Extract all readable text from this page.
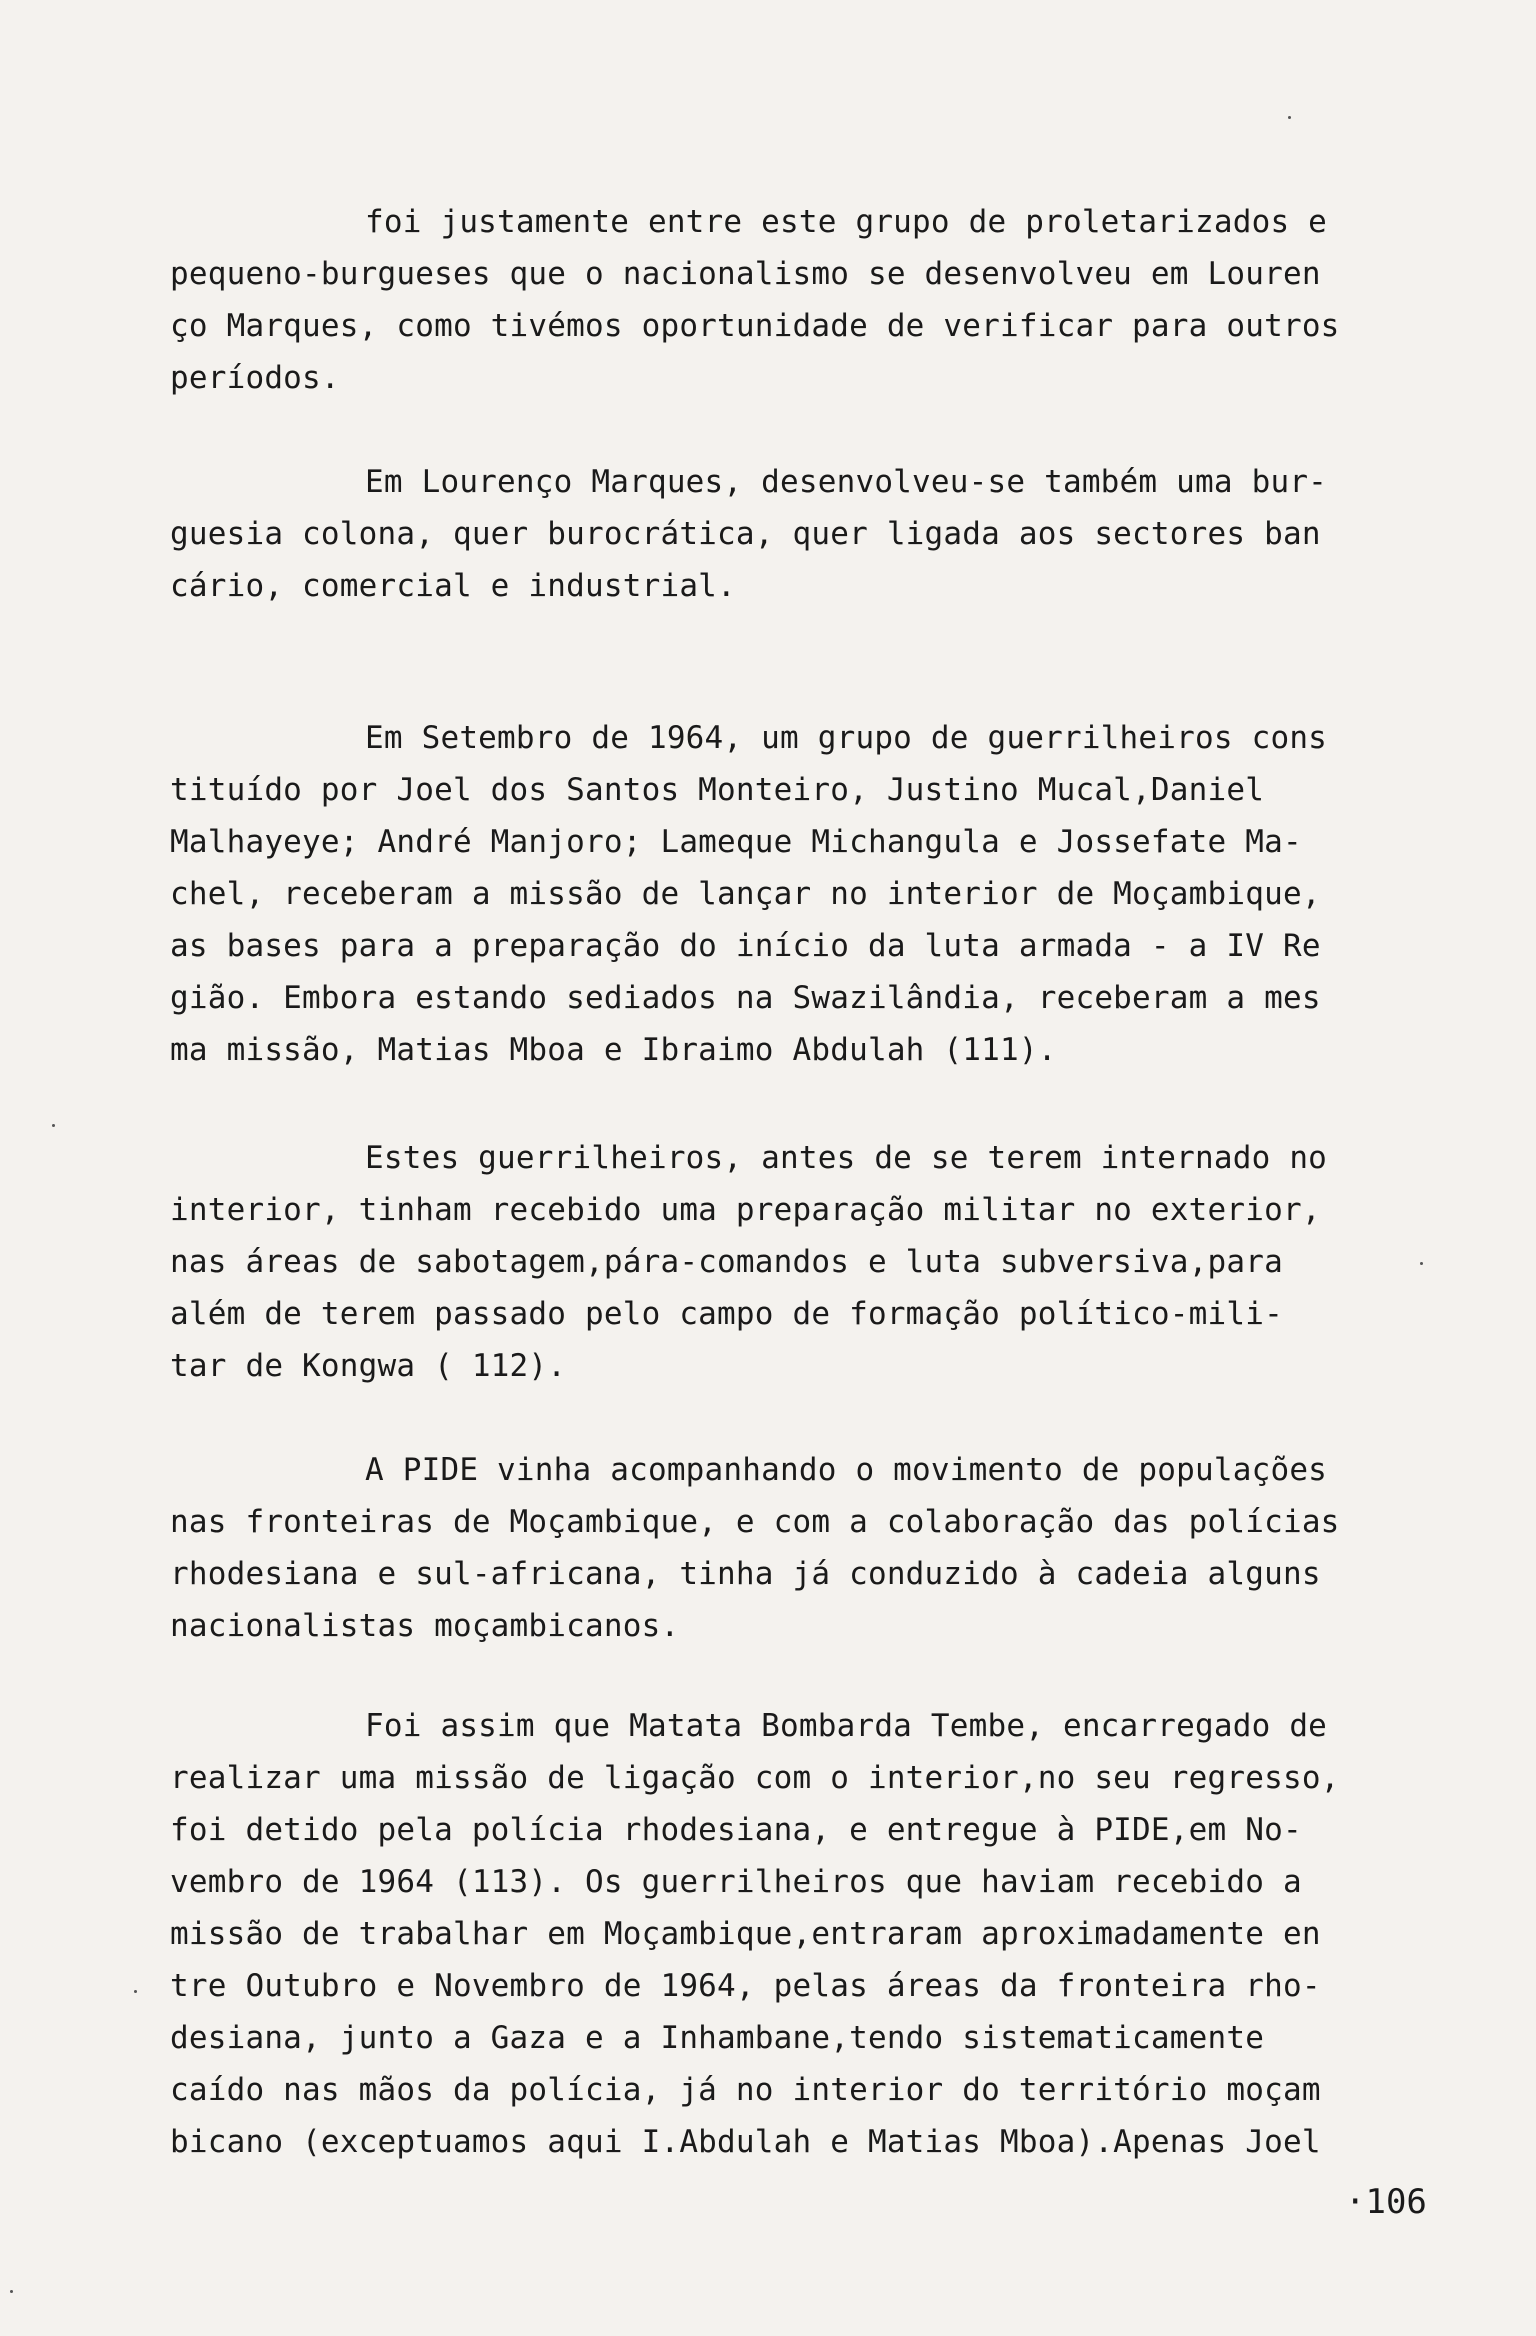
foi justamente entre este grupo de proletarizados e
pequeno-burgueses que o nacionalismo se desenvolveu em Louren
ço Marques, como tivémos oportunidade de verificar para outros
períodos.
Em Lourenço Marques, desenvolveu-se também uma bur-
guesia colona, quer burocrática, quer ligada aos sectores ban
cário, comercial e industrial.
Em Setembro de 1964, um grupo de guerrilheiros cons
tituído por Joel dos Santos Monteiro, Justino Mucal,Daniel
Malhayeye; André Manjoro; Lameque Michangula e Jossefate Ma-
chel, receberam a missão de lançar no interior de Moçambique,
as bases para a preparação do início da luta armada - a IV Re
gião. Embora estando sediados na Swazilândia, receberam a mes
ma missão, Matias Mboa e Ibraimo Abdulah (111).
Estes guerrilheiros, antes de se terem internado no
interior, tinham recebido uma preparação militar no exterior,
nas áreas de sabotagem,pára-comandos e luta subversiva,para
além de terem passado pelo campo de formação político-mili-
tar de Kongwa ( 112).
A PIDE vinha acompanhando o movimento de populações
nas fronteiras de Moçambique, e com a colaboração das polícias
rhodesiana e sul-africana, tinha já conduzido à cadeia alguns
nacionalistas moçambicanos.
Foi assim que Matata Bombarda Tembe, encarregado de
realizar uma missão de ligação com o interior,no seu regresso,
foi detido pela polícia rhodesiana, e entregue à PIDE,em No-
vembro de 1964 (113). Os guerrilheiros que haviam recebido a
missão de trabalhar em Moçambique,entraram aproximadamente en
tre Outubro e Novembro de 1964, pelas áreas da fronteira rho-
desiana, junto a Gaza e a Inhambane,tendo sistematicamente
caído nas mãos da polícia, já no interior do território moçam
bicano (exceptuamos aqui I.Abdulah e Matias Mboa).Apenas Joel
·106
